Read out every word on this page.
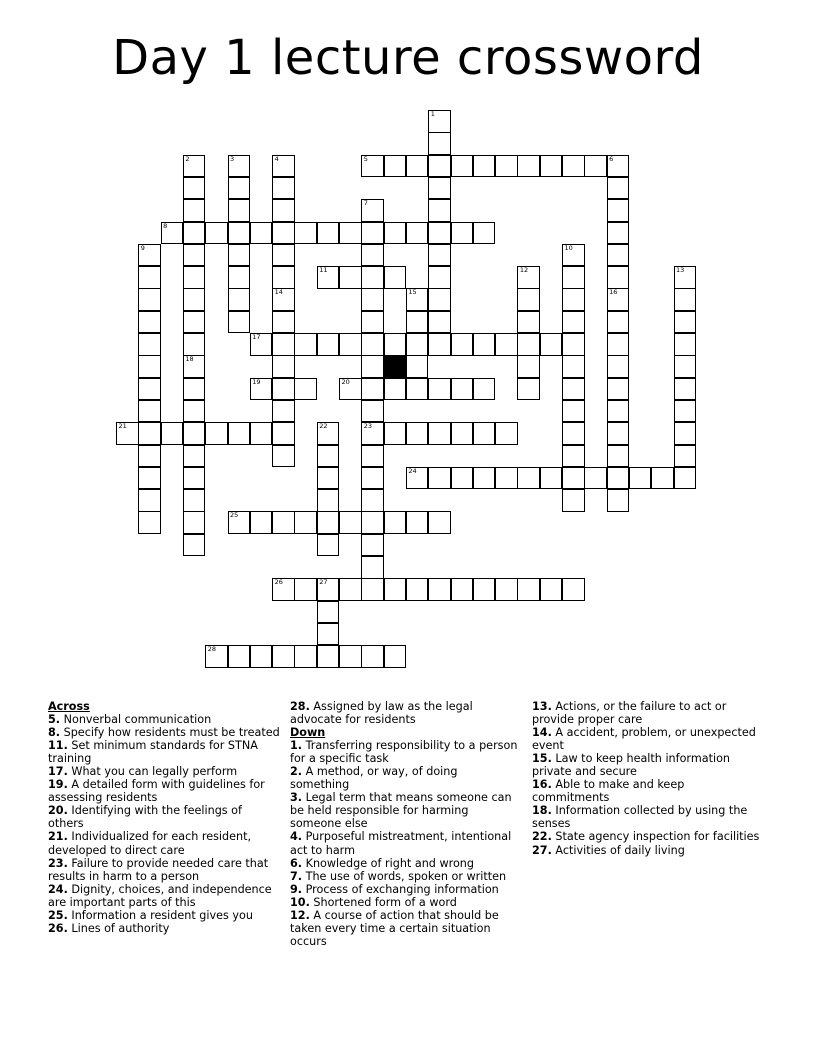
Day 1 lecture crossword
1
2	3	4
14
5	6
7
23
8
9	10
11	12	13
15	16
17
18
19	20
21	22
24
25
26	27
28

Across

5. Nonverbal communication

8. Specify how residents must be treated

11. Set minimum standards for STNA training

17. What you can legally perform

19. A detailed form with guidelines for assessing residents

20. Identifying with the feelings of others

21. Individualized for each resident, developed to direct care

23. Failure to provide needed care that results in harm to a person

24. Dignity, choices, and independence are important parts of this

25. Information a resident gives you

26. Lines of authority

28. Assigned by law as the legal advocate for residents

Down

1. Transferring responsibility to a person for a specific task

2. A method, or way, of doing something

3. Legal term that means someone can be held responsible for harming someone else

4. Purposeful mistreatment, intentional act to harm

6. Knowledge of right and wrong

7. The use of words, spoken or written

9. Process of exchanging information

10. Shortened form of a word

12. A course of action that should be taken every time a certain situation occurs

13. Actions, or the failure to act or provide proper care

14. A accident, problem, or unexpected event

15. Law to keep health information private and secure

16. Able to make and keep commitments

18. Information collected by using the senses

22. State agency inspection for facilities

27. Activities of daily living
